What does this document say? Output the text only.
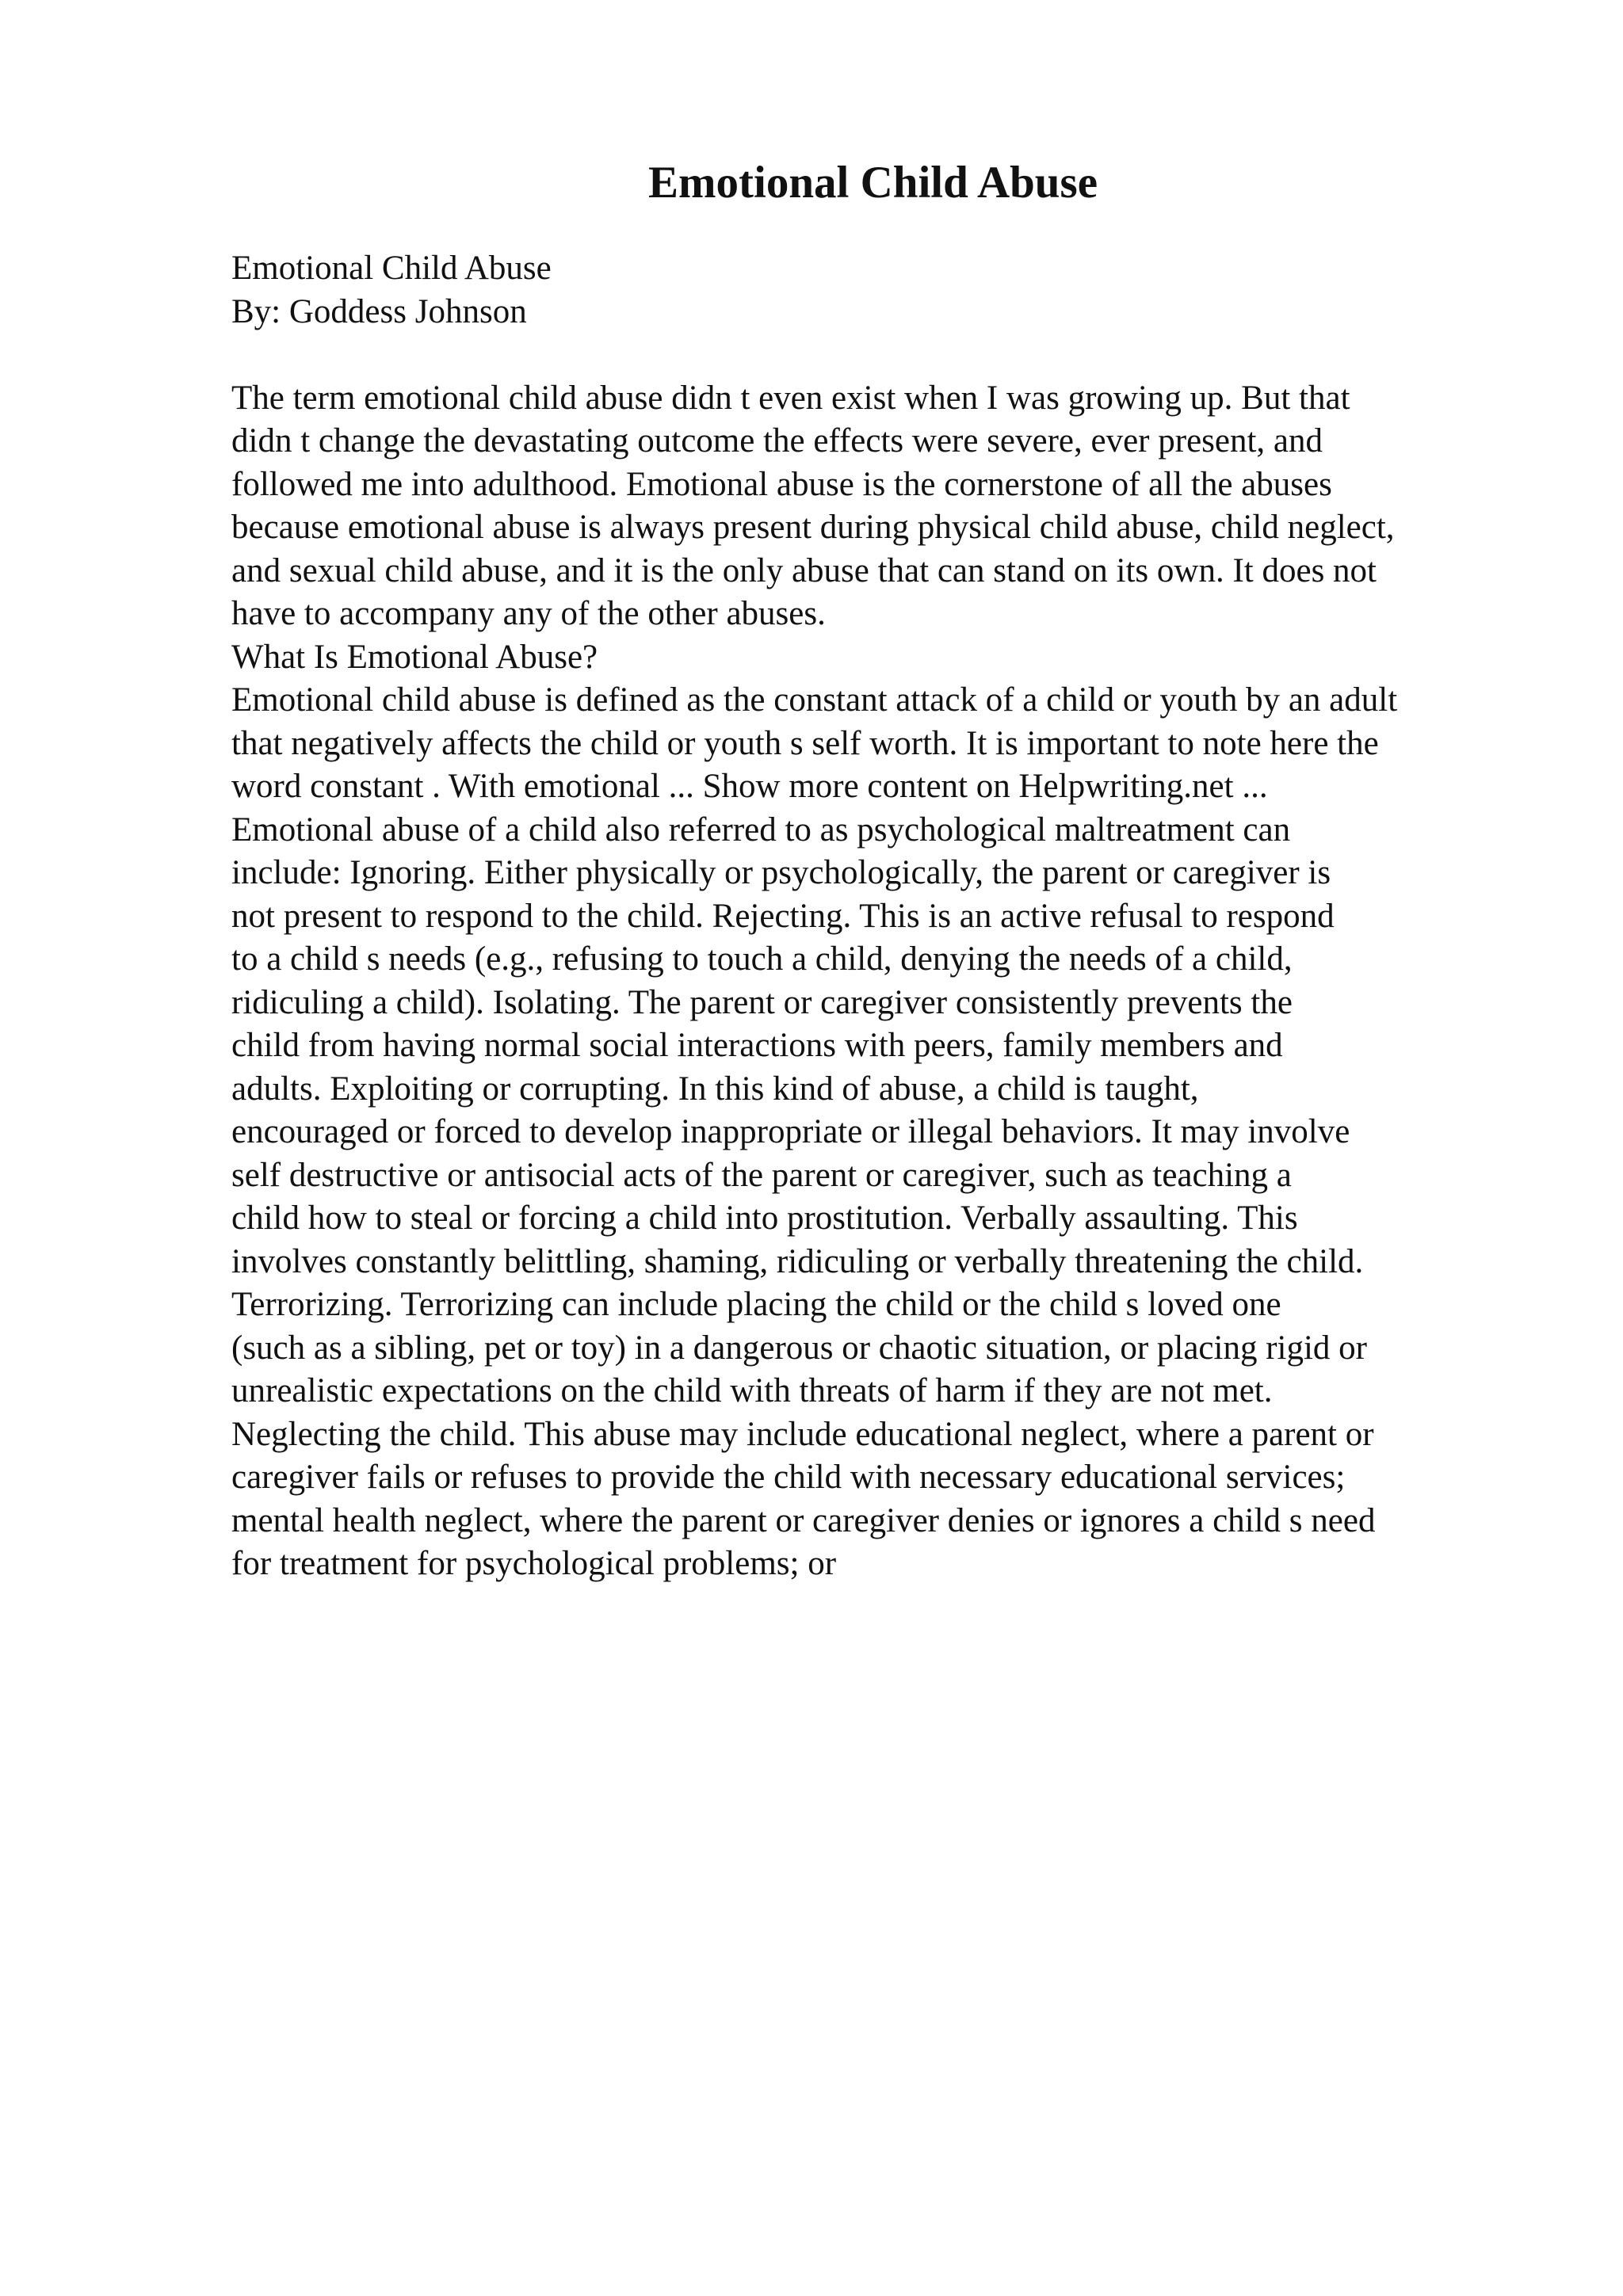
Emotional Child Abuse
Emotional Child Abuse
By: Goddess Johnson
The term emotional child abuse didn t even exist when I was growing up. But that
didn t change the devastating outcome the effects were severe, ever present, and
followed me into adulthood. Emotional abuse is the cornerstone of all the abuses
because emotional abuse is always present during physical child abuse, child neglect,
and sexual child abuse, and it is the only abuse that can stand on its own. It does not
have to accompany any of the other abuses.
What Is Emotional Abuse?
Emotional child abuse is defined as the constant attack of a child or youth by an adult
that negatively affects the child or youth s self worth. It is important to note here the
word constant . With emotional ... Show more content on Helpwriting.net ...
Emotional abuse of a child also referred to as psychological maltreatment can
include: Ignoring. Either physically or psychologically, the parent or caregiver is
not present to respond to the child. Rejecting. This is an active refusal to respond
to a child s needs (e.g., refusing to touch a child, denying the needs of a child,
ridiculing a child). Isolating. The parent or caregiver consistently prevents the
child from having normal social interactions with peers, family members and
adults. Exploiting or corrupting. In this kind of abuse, a child is taught,
encouraged or forced to develop inappropriate or illegal behaviors. It may involve
self destructive or antisocial acts of the parent or caregiver, such as teaching a
child how to steal or forcing a child into prostitution. Verbally assaulting. This
involves constantly belittling, shaming, ridiculing or verbally threatening the child.
Terrorizing. Terrorizing can include placing the child or the child s loved one
(such as a sibling, pet or toy) in a dangerous or chaotic situation, or placing rigid or
unrealistic expectations on the child with threats of harm if they are not met.
Neglecting the child. This abuse may include educational neglect, where a parent or
caregiver fails or refuses to provide the child with necessary educational services;
mental health neglect, where the parent or caregiver denies or ignores a child s need
for treatment for psychological problems; or
